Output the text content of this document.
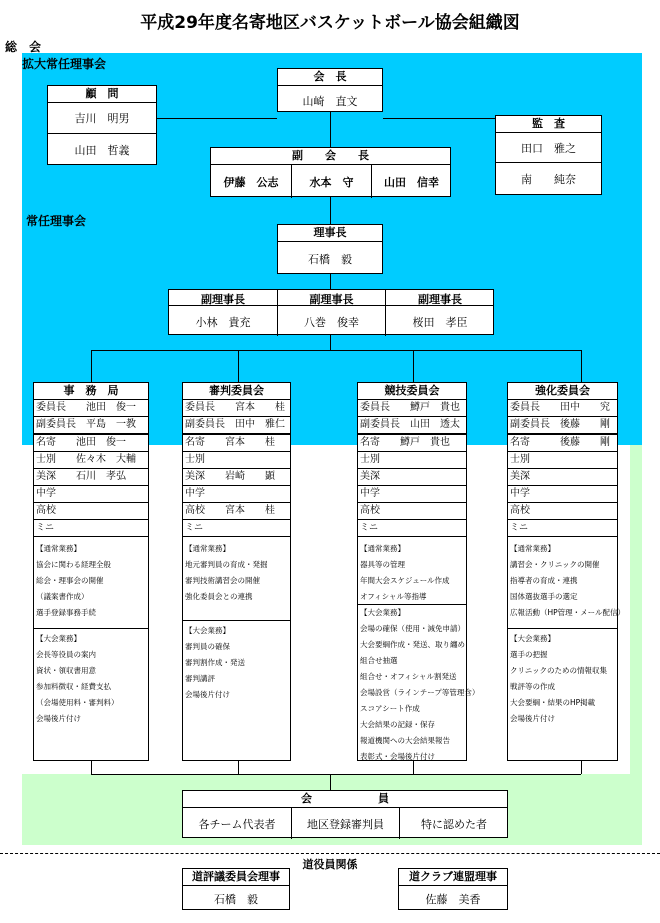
平成29年度名寄地区バスケットボール協会組織図
総　会
拡大常任理事会
常任理事会
会　長
山崎　直文
顧　問
吉川　明男
山田　哲義
監　査
田口　雅之
南　　純奈
副　　会　　長
伊藤　公志	水本　守	山田　信幸
理事長
石橋　毅
副理事長	副理事長	副理事長
小林　貴充	八巻　俊幸	桜田　孝臣
事　務　局
委員長　　池田　俊一
副委員長　平島　一教
名寄　　池田　俊一
士別　　佐々木　大輔
美深　　石川　孝弘
中学
高校
ミニ
【通常業務】
協会に関わる経理全般
総会・理事会の開催
（議案書作成）
選手登録事務手続
【大会業務】
会長等役員の案内
資状・領収書用意
参加料徴収・経費支払
（会場使用料・審判料）
会場後片付け
審判委員会
委員長　　宮本　　桂
副委員長　田中　雅仁
名寄　　宮本　　桂
士別
美深　　岩崎　　顕
中学
高校　　宮本　　桂
ミニ
【通常業務】
地元審判員の育成・発掘
審判技術講習会の開催
強化委員会との連携
【大会業務】
審判員の確保
審判割作成・発送
審判講評
会場後片付け
競技委員会
委員長　　鱒戸　貴也
副委員長　山田　透太
名寄　　鱒戸　貴也
士別
美深
中学
高校
ミニ
【通常業務】
器具等の管理
年間大会スケジュール作成
オフィシャル等指導
【大会業務】
会場の確保（使用・減免申請）
大会要綱作成・発送、取り纏め
組合せ抽選
組合せ・オフィシャル割発送
会場設営（ラインテープ等管理含）
スコアシート作成
大会結果の記録・保存
報道機関への大会結果報告
表彰式・会場後片付け
強化委員会
委員長　　田中　　究
副委員長　後藤　　剛
名寄　　　後藤　　剛
士別
美深
中学
高校
ミニ
【通常業務】
講習会・クリニックの開催
指導者の育成・連携
国体選抜選手の選定
広報活動（HP管理・メール配信）
【大会業務】
選手の把握
クリニックのための情報収集
戦評等の作成
大会要綱・結果のHP掲載
会場後片付け
会　　　　　　員
各チーム代表者	地区登録審判員	特に認めた者
道役員関係
道評議委員会理事
石橋　毅
道クラブ連盟理事
佐藤　美香
